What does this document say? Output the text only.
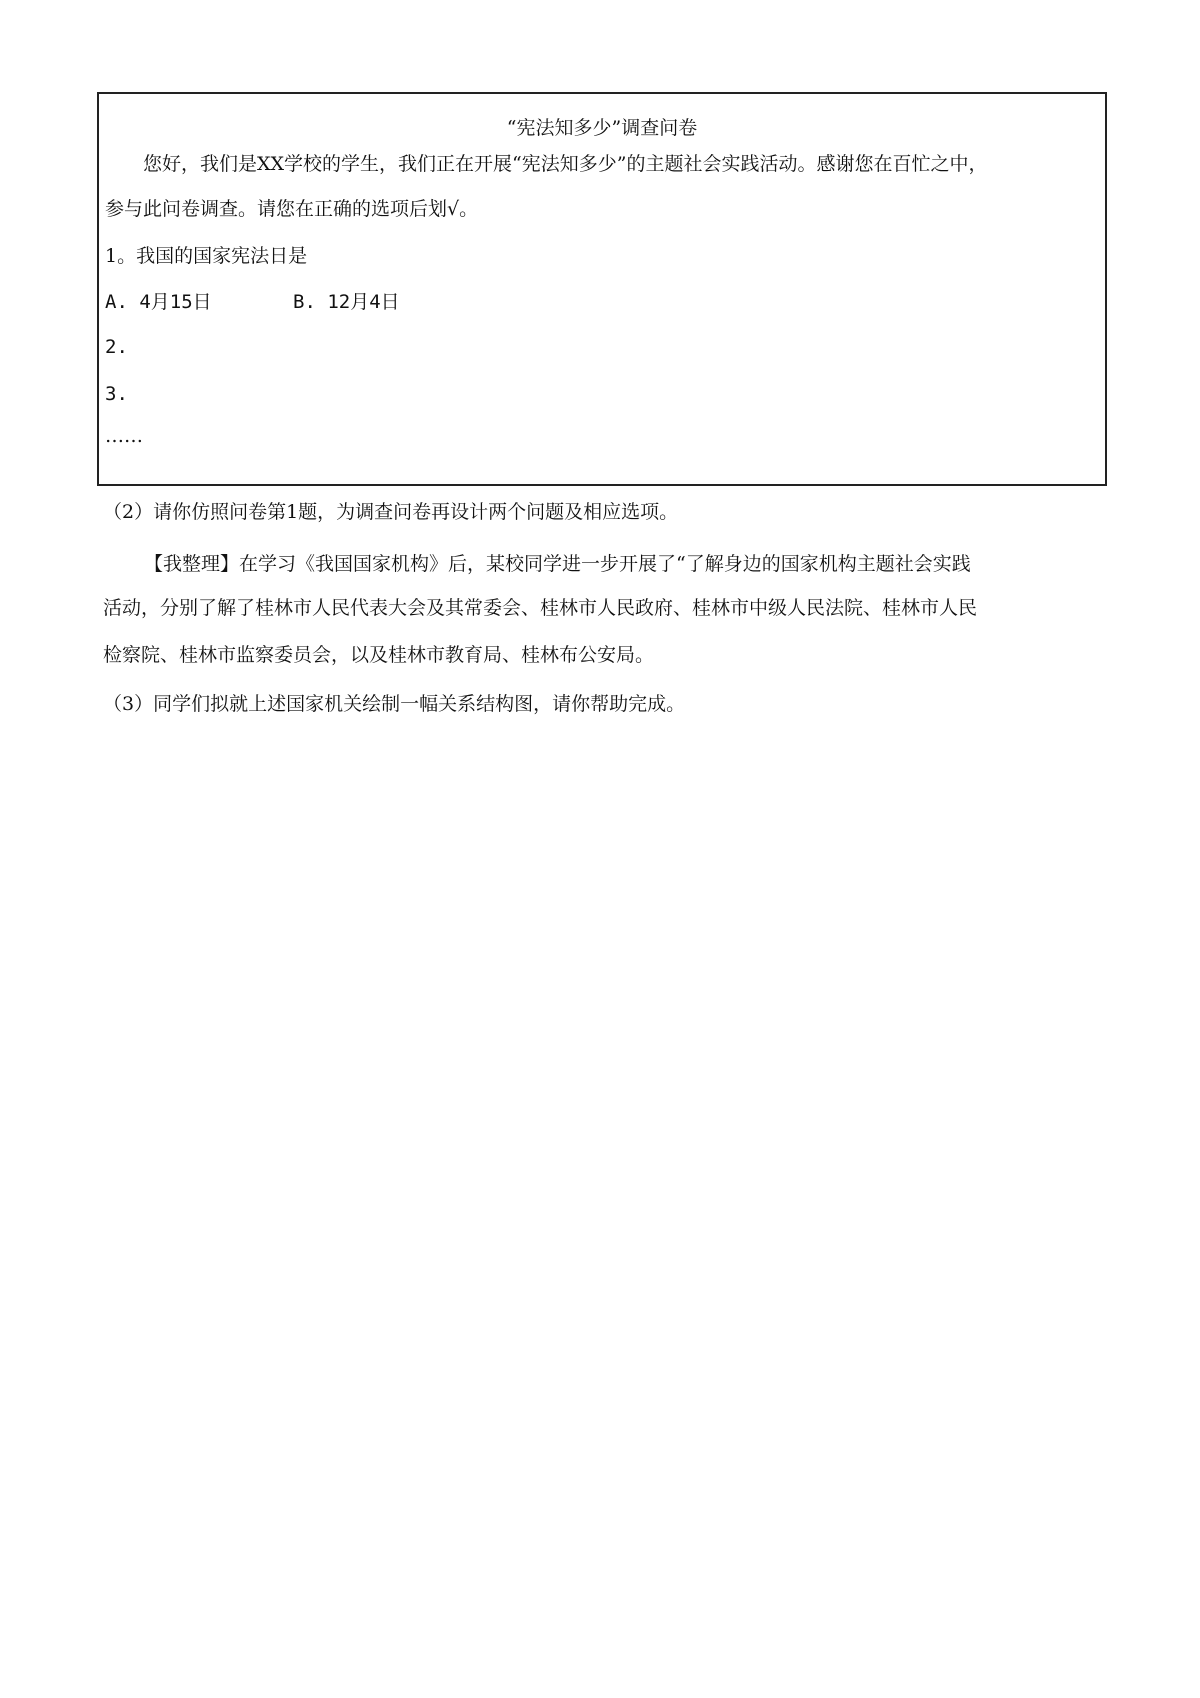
“宪法知多少”调查问卷
您好，我们是XX学校的学生，我们正在开展“宪法知多少”的主题社会实践活动。感谢您在百忙之中，
参与此问卷调查。请您在正确的选项后划√。
1。我国的国家宪法日是
A. 4月15日	B. 12月4日
2.
3.
……
（2）请你仿照问卷第1题，为调查问卷再设计两个问题及相应选项。
【我整理】在学习《我国国家机构》后，某校同学进一步开展了“了解身边的国家机构主题社会实践
活动，分别了解了桂林市人民代表大会及其常委会、桂林市人民政府、桂林市中级人民法院、桂林市人民
检察院、桂林市监察委员会，以及桂林市教育局、桂林布公安局。
（3）同学们拟就上述国家机关绘制一幅关系结构图，请你帮助完成。
